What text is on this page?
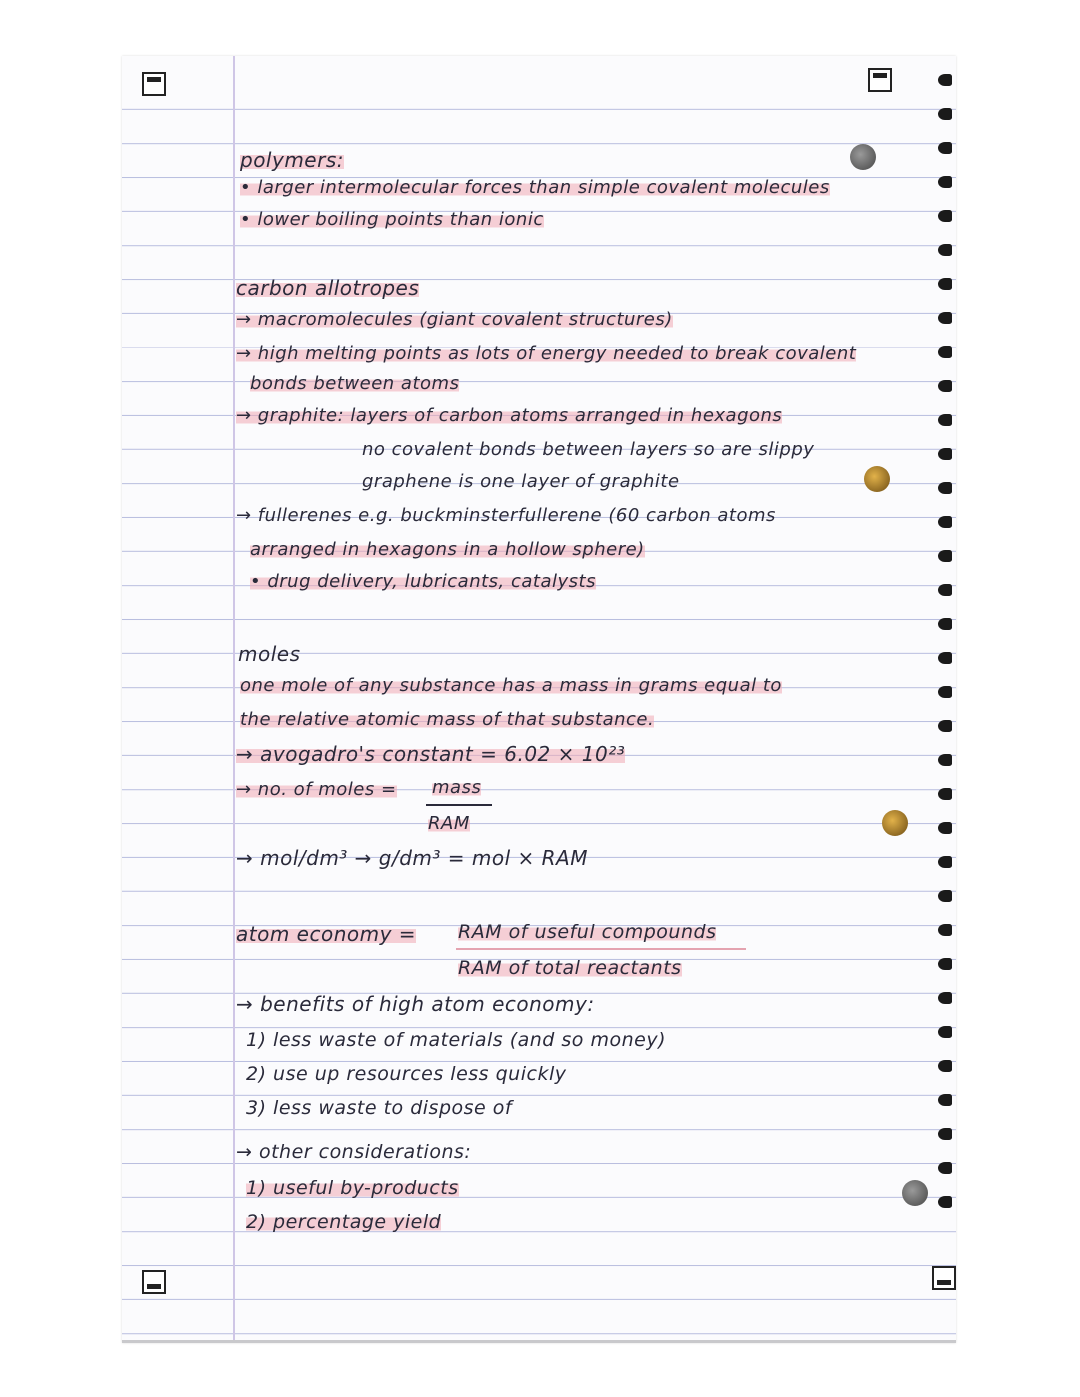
polymers:

• larger intermolecular forces than simple covalent molecules

• lower boiling points than ionic

carbon allotropes

→ macromolecules (giant covalent structures)

→ high melting points as lots of energy needed to break covalent

bonds between atoms

→ graphite: layers of carbon atoms arranged in hexagons

no covalent bonds between layers so are slippy

graphene is one layer of graphite

→ fullerenes e.g. buckminsterfullerene (60 carbon atoms

arranged in hexagons in a hollow sphere)

• drug delivery, lubricants, catalysts

moles

one mole of any substance has a mass in grams equal to

the relative atomic mass of that substance.

→ avogadro's constant = 6.02 × 10²³

→ no. of moles = mass

RAM

→ mol/dm³ → g/dm³ = mol × RAM

atom economy = RAM of useful compounds

RAM of total reactants

→ benefits of high atom economy:

1) less waste of materials (and so money)

2) use up resources less quickly

3) less waste to dispose of

→ other considerations:

1) useful by-products

2) percentage yield
